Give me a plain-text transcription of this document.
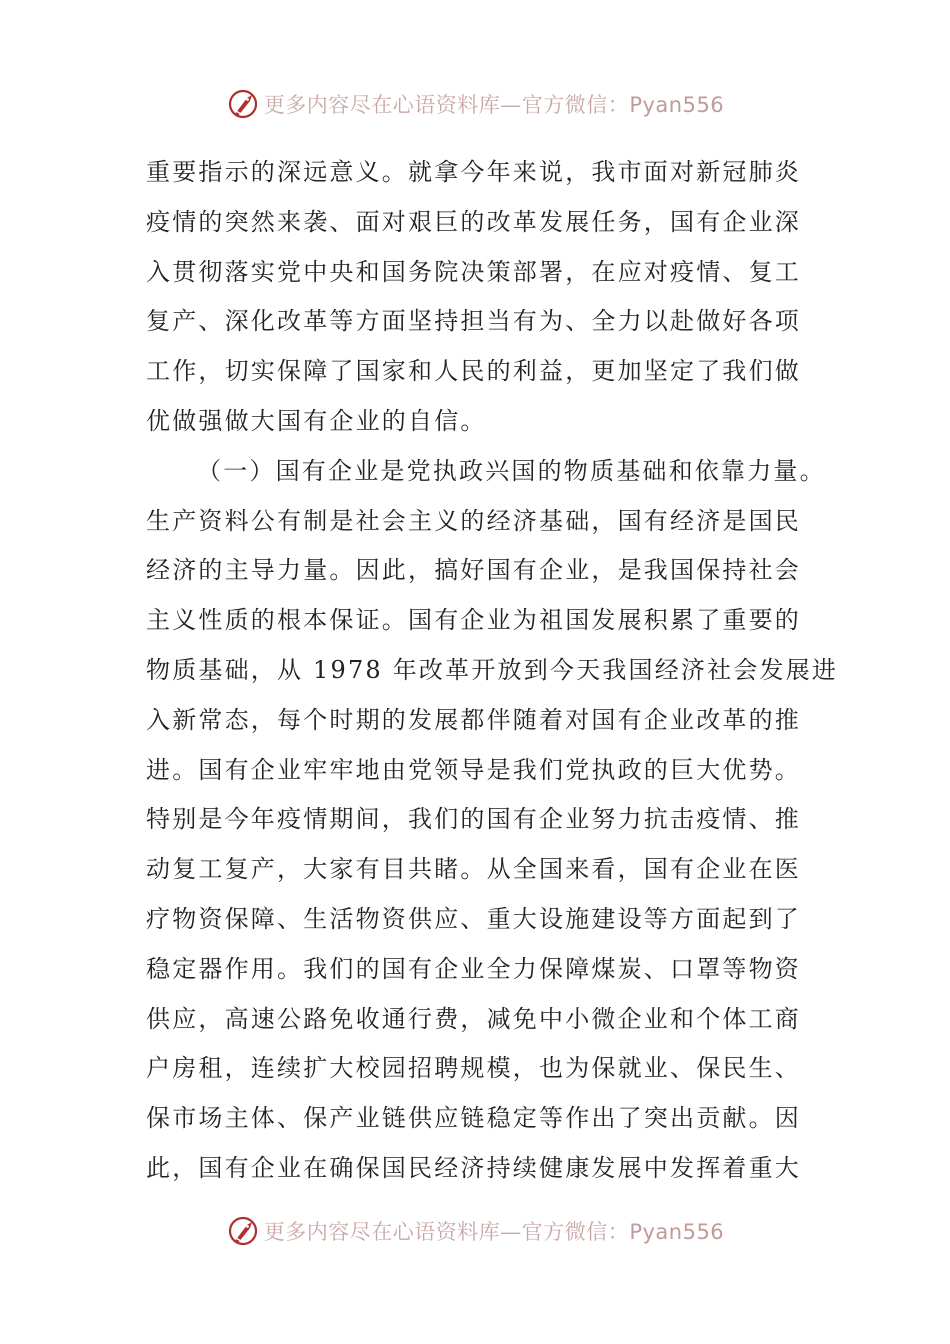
更多内容尽在心语资料库—官方微信：Pyan556
重要指示的深远意义。就拿今年来说，我市面对新冠肺炎
疫情的突然来袭、面对艰巨的改革发展任务，国有企业深
入贯彻落实党中央和国务院决策部署，在应对疫情、复工
复产、深化改革等方面坚持担当有为、全力以赴做好各项
工作，切实保障了国家和人民的利益，更加坚定了我们做
优做强做大国有企业的自信。
（一）国有企业是党执政兴国的物质基础和依靠力量。
生产资料公有制是社会主义的经济基础，国有经济是国民
经济的主导力量。因此，搞好国有企业，是我国保持社会
主义性质的根本保证。国有企业为祖国发展积累了重要的
物质基础，从 1978 年改革开放到今天我国经济社会发展进
入新常态，每个时期的发展都伴随着对国有企业改革的推
进。国有企业牢牢地由党领导是我们党执政的巨大优势。
特别是今年疫情期间，我们的国有企业努力抗击疫情、推
动复工复产，大家有目共睹。从全国来看，国有企业在医
疗物资保障、生活物资供应、重大设施建设等方面起到了
稳定器作用。我们的国有企业全力保障煤炭、口罩等物资
供应，高速公路免收通行费，减免中小微企业和个体工商
户房租，连续扩大校园招聘规模，也为保就业、保民生、
保市场主体、保产业链供应链稳定等作出了突出贡献。因
此，国有企业在确保国民经济持续健康发展中发挥着重大
更多内容尽在心语资料库—官方微信：Pyan556
